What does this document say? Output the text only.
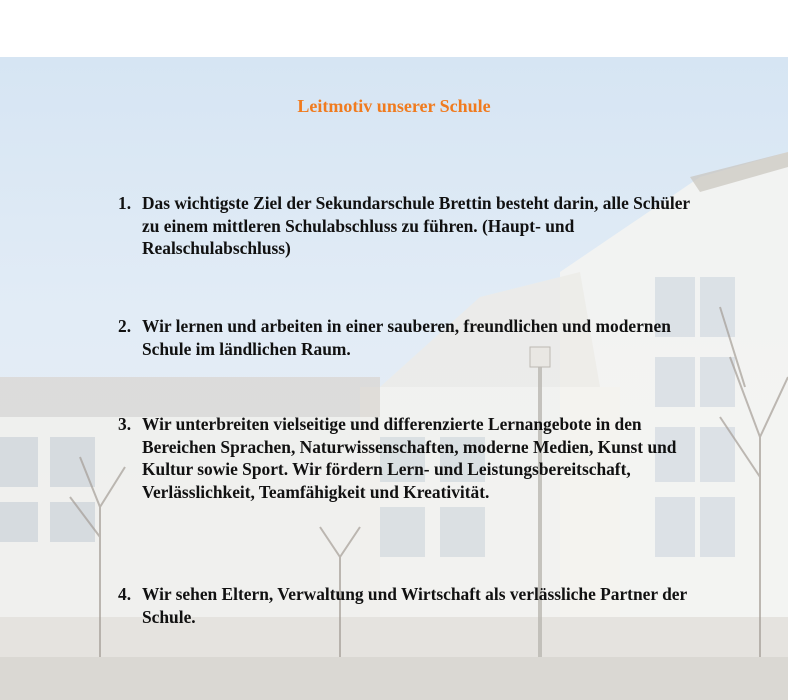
Leitmotiv unserer Schule
1. Das wichtigste Ziel der Sekundarschule Brettin besteht darin, alle Schüler zu einem mittleren Schulabschluss zu führen. (Haupt- und Realschulabschluss)
2. Wir lernen und arbeiten in einer sauberen, freundlichen und modernen Schule im ländlichen Raum.
3. Wir unterbreiten vielseitige und differenzierte Lernangebote in den Bereichen Sprachen, Naturwissenschaften, moderne Medien, Kunst und Kultur sowie Sport. Wir fördern Lern- und Leistungsbereitschaft, Verlässlichkeit, Teamfähigkeit und Kreativität.
4. Wir sehen Eltern, Verwaltung und Wirtschaft als verlässliche Partner der Schule.
